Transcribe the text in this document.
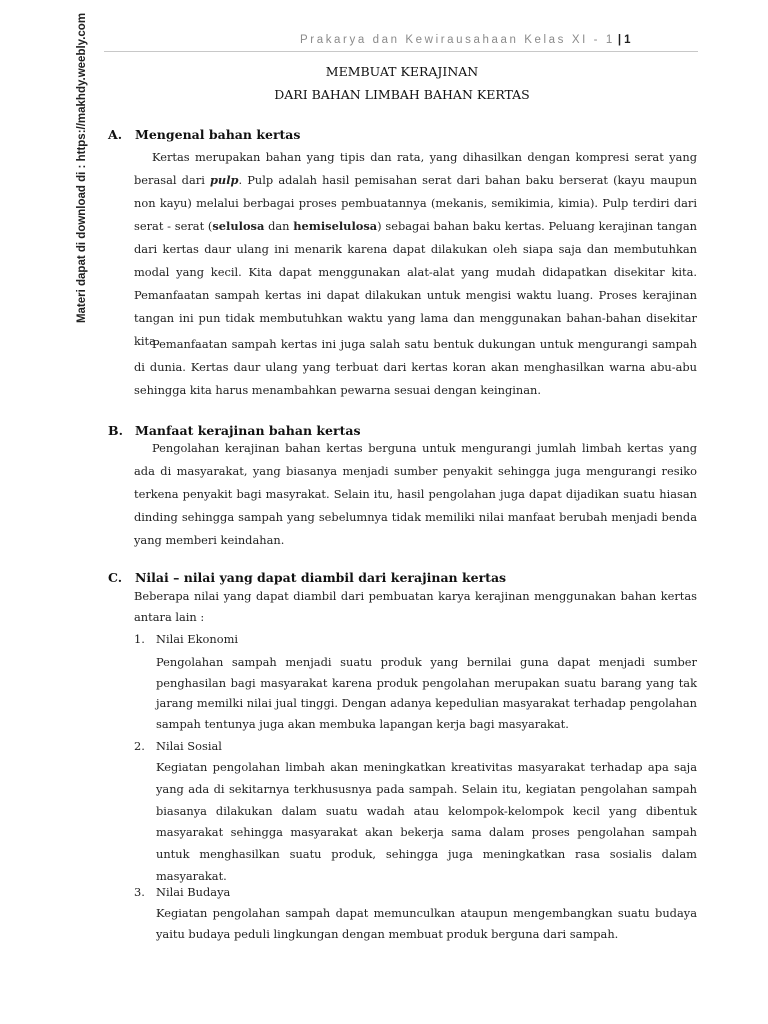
Prakarya dan Kewirausahaan Kelas XI - 1 | 1
Materi dapat di download di : https://makhdy.weebly.com	MEMBUAT KERAJINAN
DARI BAHAN LIMBAH BAHAN KERTAS
A. Mengenal bahan kertas

Kertas merupakan bahan yang tipis dan rata, yang dihasilkan dengan kompresi serat yang berasal dari pulp. Pulp adalah hasil pemisahan serat dari bahan baku berserat (kayu maupun non kayu) melalui berbagai proses pembuatannya (mekanis, semikimia, kimia). Pulp terdiri dari serat - serat (selulosa dan hemiselulosa) sebagai bahan baku kertas. Peluang kerajinan tangan dari kertas daur ulang ini menarik karena dapat dilakukan oleh siapa saja dan membutuhkan modal yang kecil. Kita dapat menggunakan alat-alat yang mudah didapatkan disekitar kita. Pemanfaatan sampah kertas ini dapat dilakukan untuk mengisi waktu luang. Proses kerajinan tangan ini pun tidak membutuhkan waktu yang lama dan menggunakan bahan-bahan disekitar kita.

Pemanfaatan sampah kertas ini juga salah satu bentuk dukungan untuk mengurangi sampah di dunia. Kertas daur ulang yang terbuat dari kertas koran akan menghasilkan warna abu-abu sehingga kita harus menambahkan pewarna sesuai dengan keinginan.

B. Manfaat kerajinan bahan kertas

Pengolahan kerajinan bahan kertas berguna untuk mengurangi jumlah limbah kertas yang ada di masyarakat, yang biasanya menjadi sumber penyakit sehingga juga mengurangi resiko terkena penyakit bagi masyrakat. Selain itu, hasil pengolahan juga dapat dijadikan suatu hiasan dinding sehingga sampah yang sebelumnya tidak memiliki nilai manfaat berubah menjadi benda yang memberi keindahan.

C. Nilai – nilai yang dapat diambil dari kerajinan kertas

Beberapa nilai yang dapat diambil dari pembuatan karya kerajinan menggunakan bahan kertas antara lain :

1. Nilai Ekonomi

Pengolahan sampah menjadi suatu produk yang bernilai guna dapat menjadi sumber penghasilan bagi masyarakat karena produk pengolahan merupakan suatu barang yang tak jarang memilki nilai jual tinggi. Dengan adanya kepedulian masyarakat terhadap pengolahan sampah tentunya juga akan membuka lapangan kerja bagi masyarakat.

2. Nilai Sosial

Kegiatan pengolahan limbah akan meningkatkan kreativitas masyarakat terhadap apa saja yang ada di sekitarnya terkhususnya pada sampah. Selain itu, kegiatan pengolahan sampah biasanya dilakukan dalam suatu wadah atau kelompok-kelompok kecil yang dibentuk masyarakat sehingga masyarakat akan bekerja sama dalam proses pengolahan sampah untuk menghasilkan suatu produk, sehingga juga meningkatkan rasa sosialis dalam masyarakat.

3. Nilai Budaya

Kegiatan pengolahan sampah dapat memunculkan ataupun mengembangkan suatu budaya yaitu budaya peduli lingkungan dengan membuat produk berguna dari sampah.
